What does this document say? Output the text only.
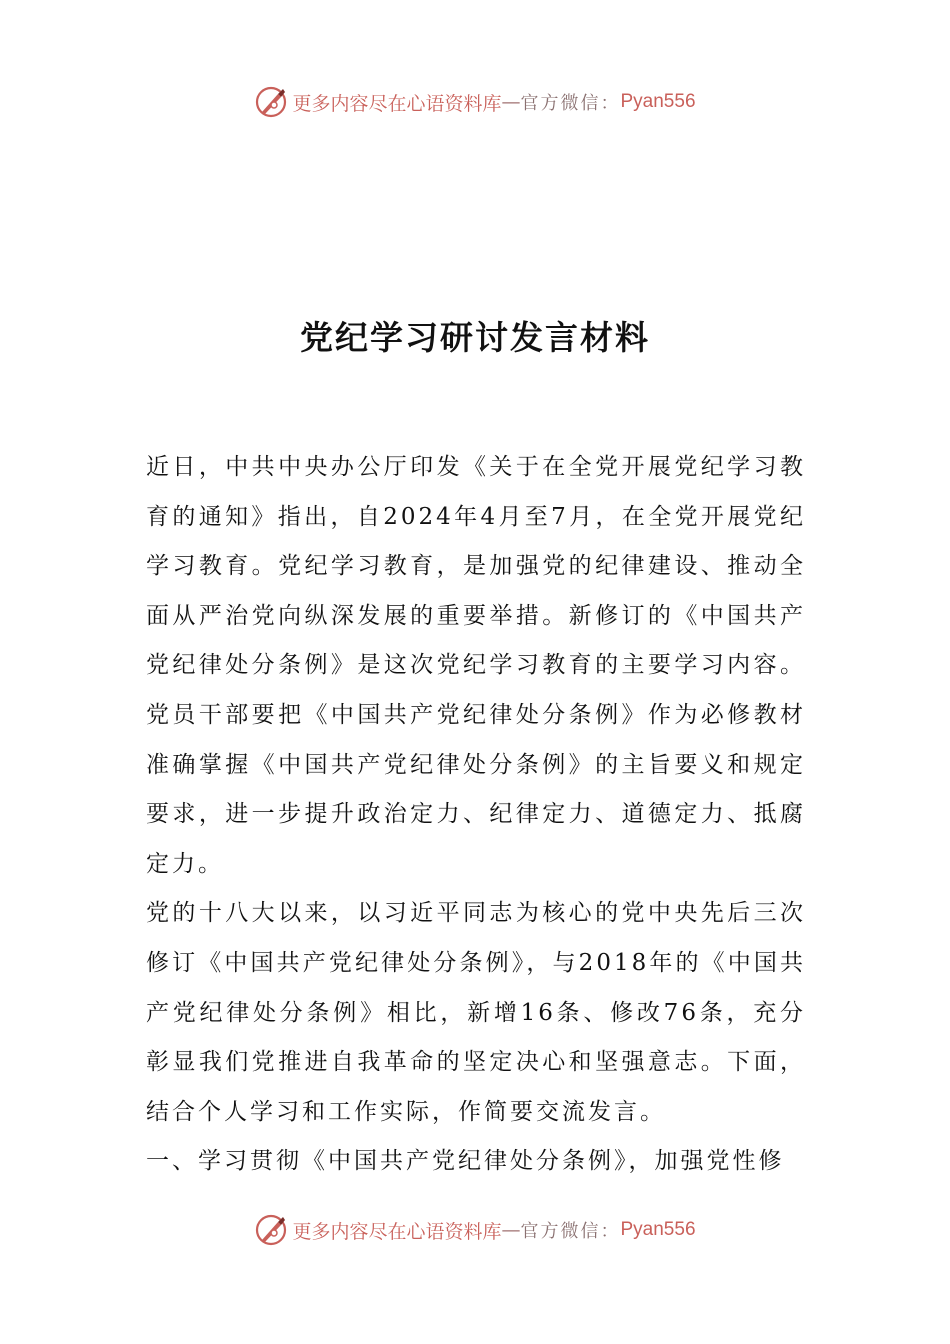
更多内容尽在心语资料库 — 官方微信： Pyan556
党纪学习研讨发言材料

近日，中共中央办公厅印发《关于在全党开展党纪学习教育的通知》指出，自2024年4月至7月，在全党开展党纪学习教育。党纪学习教育，是加强党的纪律建设、推动全面从严治党向纵深发展的重要举措。新修订的《中国共产党纪律处分条例》是这次党纪学习教育的主要学习内容。党员干部要把《中国共产党纪律处分条例》作为必修教材准确掌握《中国共产党纪律处分条例》的主旨要义和规定要求，进一步提升政治定力、纪律定力、道德定力、抵腐定力。

党的十八大以来，以习近平同志为核心的党中央先后三次修订《中国共产党纪律处分条例》，与2018年的《中国共产党纪律处分条例》相比，新增16条、修改76条，充分彰显我们党推进自我革命的坚定决心和坚强意志。下面，结合个人学习和工作实际，作简要交流发言。

一、学习贯彻《中国共产党纪律处分条例》，加强党性修

更多内容尽在心语资料库 — 官方微信： Pyan556
